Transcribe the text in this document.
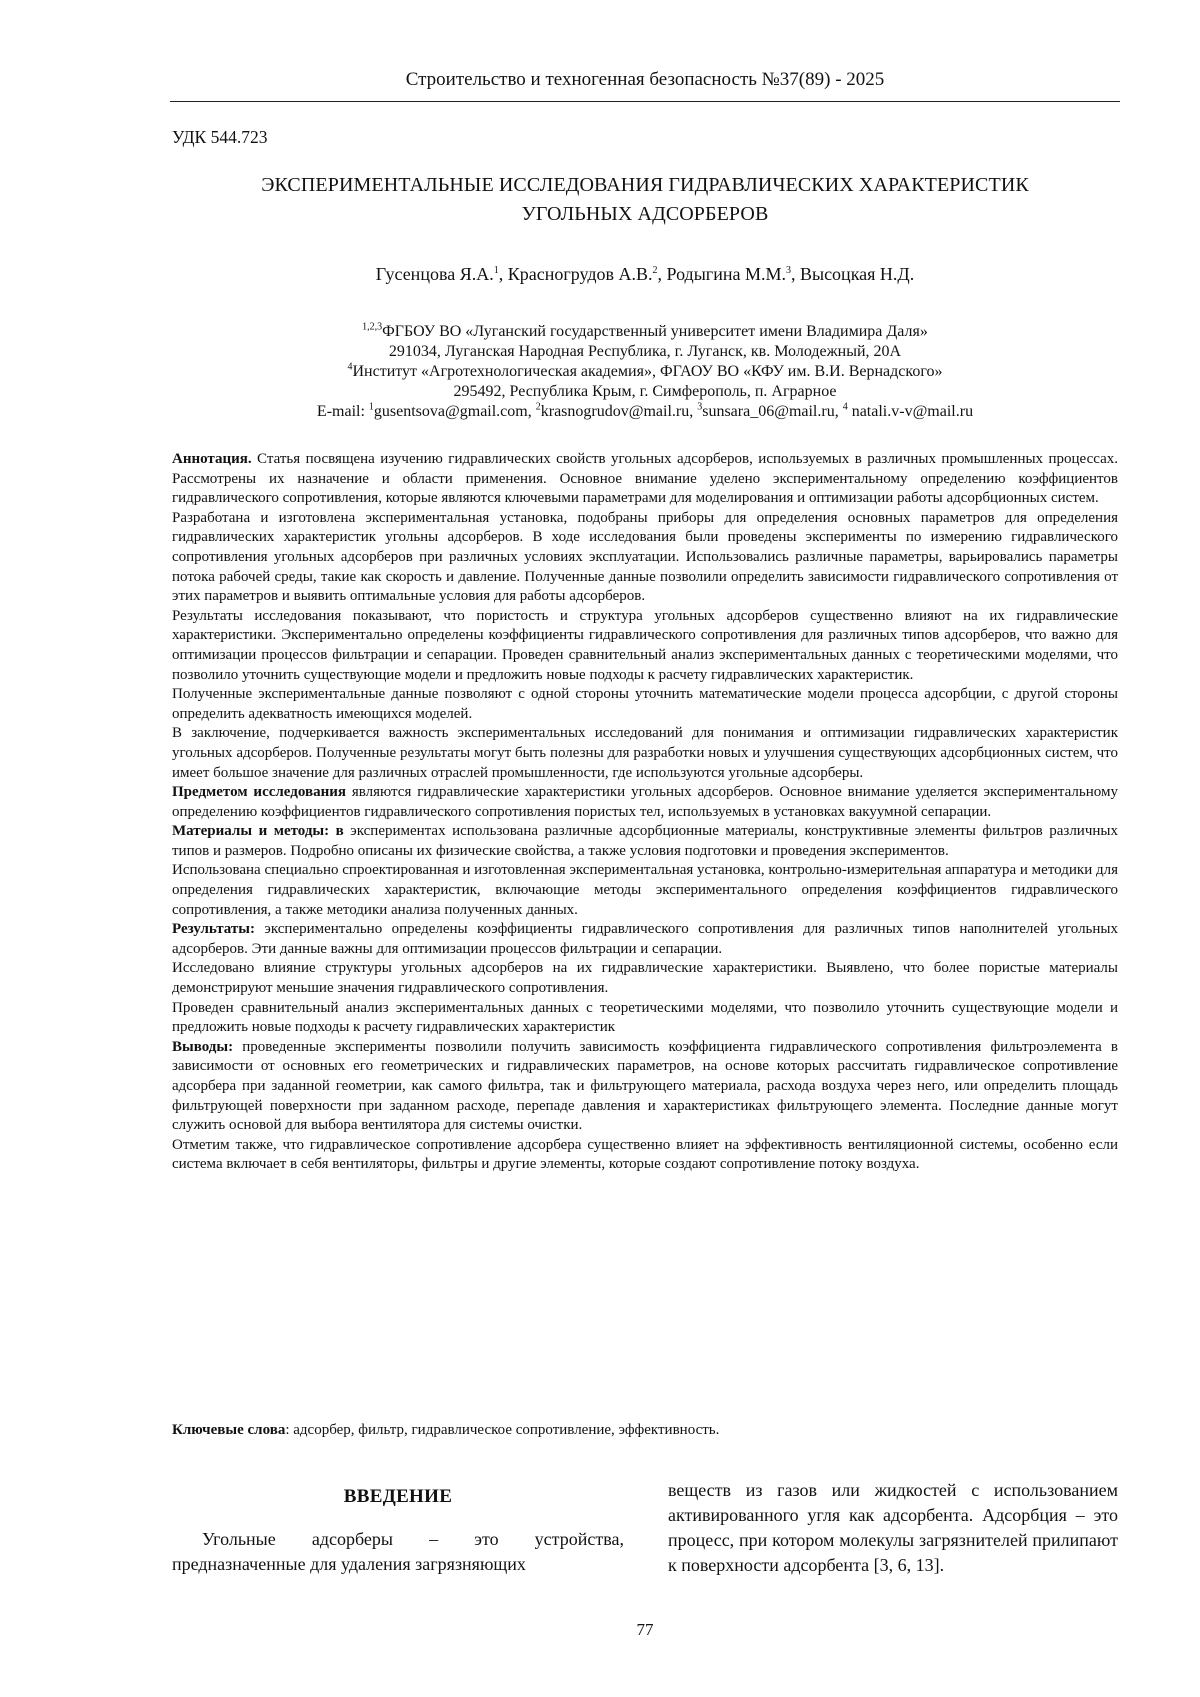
Строительство и техногенная безопасность №37(89) - 2025
УДК 544.723
ЭКСПЕРИМЕНТАЛЬНЫЕ ИССЛЕДОВАНИЯ ГИДРАВЛИЧЕСКИХ ХАРАКТЕРИСТИК
УГОЛЬНЫХ АДСОРБЕРОВ
Гусенцова Я.А.$^1$, Красногрудов А.В.$^2$, Родыгина М.М.$^3$, Высоцкая Н.Д.
$^{1,2,3}$ФГБОУ ВО «Луганский государственный университет имени Владимира Даля»
291034, Луганская Народная Республика, г. Луганск, кв. Молодежный, 20А
$^4$Институт «Агротехнологическая академия», ФГАОУ ВО «КФУ им. В.И. Вернадского»
295492, Республика Крым, г. Симферополь, п. Аграрное
E-mail: $^1$gusentsova@gmail.com, $^2$krasnogrudov@mail.ru, $^3$sunsara_06@mail.ru, $^4$ natali.v-v@mail.ru

Аннотация. Статья посвящена изучению гидравлических свойств угольных адсорберов, используемых в различных промышленных процессах. Рассмотрены их назначение и области применения. Основное внимание уделено экспериментальному определению коэффициентов гидравлического сопротивления, которые являются ключевыми параметрами для моделирования и оптимизации работы адсорбционных систем.

Разработана и изготовлена экспериментальная установка, подобраны приборы для определения основных параметров для определения гидравлических характеристик угольны адсорберов. В ходе исследования были проведены эксперименты по измерению гидравлического сопротивления угольных адсорберов при различных условиях эксплуатации. Использовались различные параметры, варьировались параметры потока рабочей среды, такие как скорость и давление. Полученные данные позволили определить зависимости гидравлического сопротивления от этих параметров и выявить оптимальные условия для работы адсорберов.

Результаты исследования показывают, что пористость и структура угольных адсорберов существенно влияют на их гидравлические характеристики. Экспериментально определены коэффициенты гидравлического сопротивления для различных типов адсорберов, что важно для оптимизации процессов фильтрации и сепарации. Проведен сравнительный анализ экспериментальных данных с теоретическими моделями, что позволило уточнить существующие модели и предложить новые подходы к расчету гидравлических характеристик.

Полученные экспериментальные данные позволяют с одной стороны уточнить математические модели процесса адсорбции, с другой стороны определить адекватность имеющихся моделей.

В заключение, подчеркивается важность экспериментальных исследований для понимания и оптимизации гидравлических характеристик угольных адсорберов. Полученные результаты могут быть полезны для разработки новых и улучшения существующих адсорбционных систем, что имеет большое значение для различных отраслей промышленности, где используются угольные адсорберы.

Предметом исследования являются гидравлические характеристики угольных адсорберов. Основное внимание уделяется экспериментальному определению коэффициентов гидравлического сопротивления пористых тел, используемых в установках вакуумной сепарации.

Материалы и методы: в экспериментах использована различные адсорбционные материалы, конструктивные элементы фильтров различных типов и размеров. Подробно описаны их физические свойства, а также условия подготовки и проведения экспериментов.

Использована специально спроектированная и изготовленная экспериментальная установка, контрольно-измерительная аппаратура и методики для определения гидравлических характеристик, включающие методы экспериментального определения коэффициентов гидравлического сопротивления, а также методики анализа полученных данных.

Результаты: экспериментально определены коэффициенты гидравлического сопротивления для различных типов наполнителей угольных адсорберов. Эти данные важны для оптимизации процессов фильтрации и сепарации.

Исследовано влияние структуры угольных адсорберов на их гидравлические характеристики. Выявлено, что более пористые материалы демонстрируют меньшие значения гидравлического сопротивления.

Проведен сравнительный анализ экспериментальных данных с теоретическими моделями, что позволило уточнить существующие модели и предложить новые подходы к расчету гидравлических характеристик

Выводы: проведенные эксперименты позволили получить зависимость коэффициента гидравлического сопротивления фильтроэлемента в зависимости от основных его геометрических и гидравлических параметров, на основе которых рассчитать гидравлическое сопротивление адсорбера при заданной геометрии, как самого фильтра, так и фильтрующего материала, расхода воздуха через него, или определить площадь фильтрующей поверхности при заданном расходе, перепаде давления и характеристиках фильтрующего элемента. Последние данные могут служить основой для выбора вентилятора для системы очистки.

Отметим также, что гидравлическое сопротивление адсорбера существенно влияет на эффективность вентиляционной системы, особенно если система включает в себя вентиляторы, фильтры и другие элементы, которые создают сопротивление потоку воздуха.

Ключевые слова: адсорбер, фильтр, гидравлическое сопротивление, эффективность.
ВВЕДЕНИЕ

Угольные адсорберы – это устройства, предназначенные для удаления загрязняющих

веществ из газов или жидкостей с использованием активированного угля как адсорбента. Адсорбция – это процесс, при котором молекулы загрязнителей прилипают к поверхности адсорбента [3, 6, 13].

77
